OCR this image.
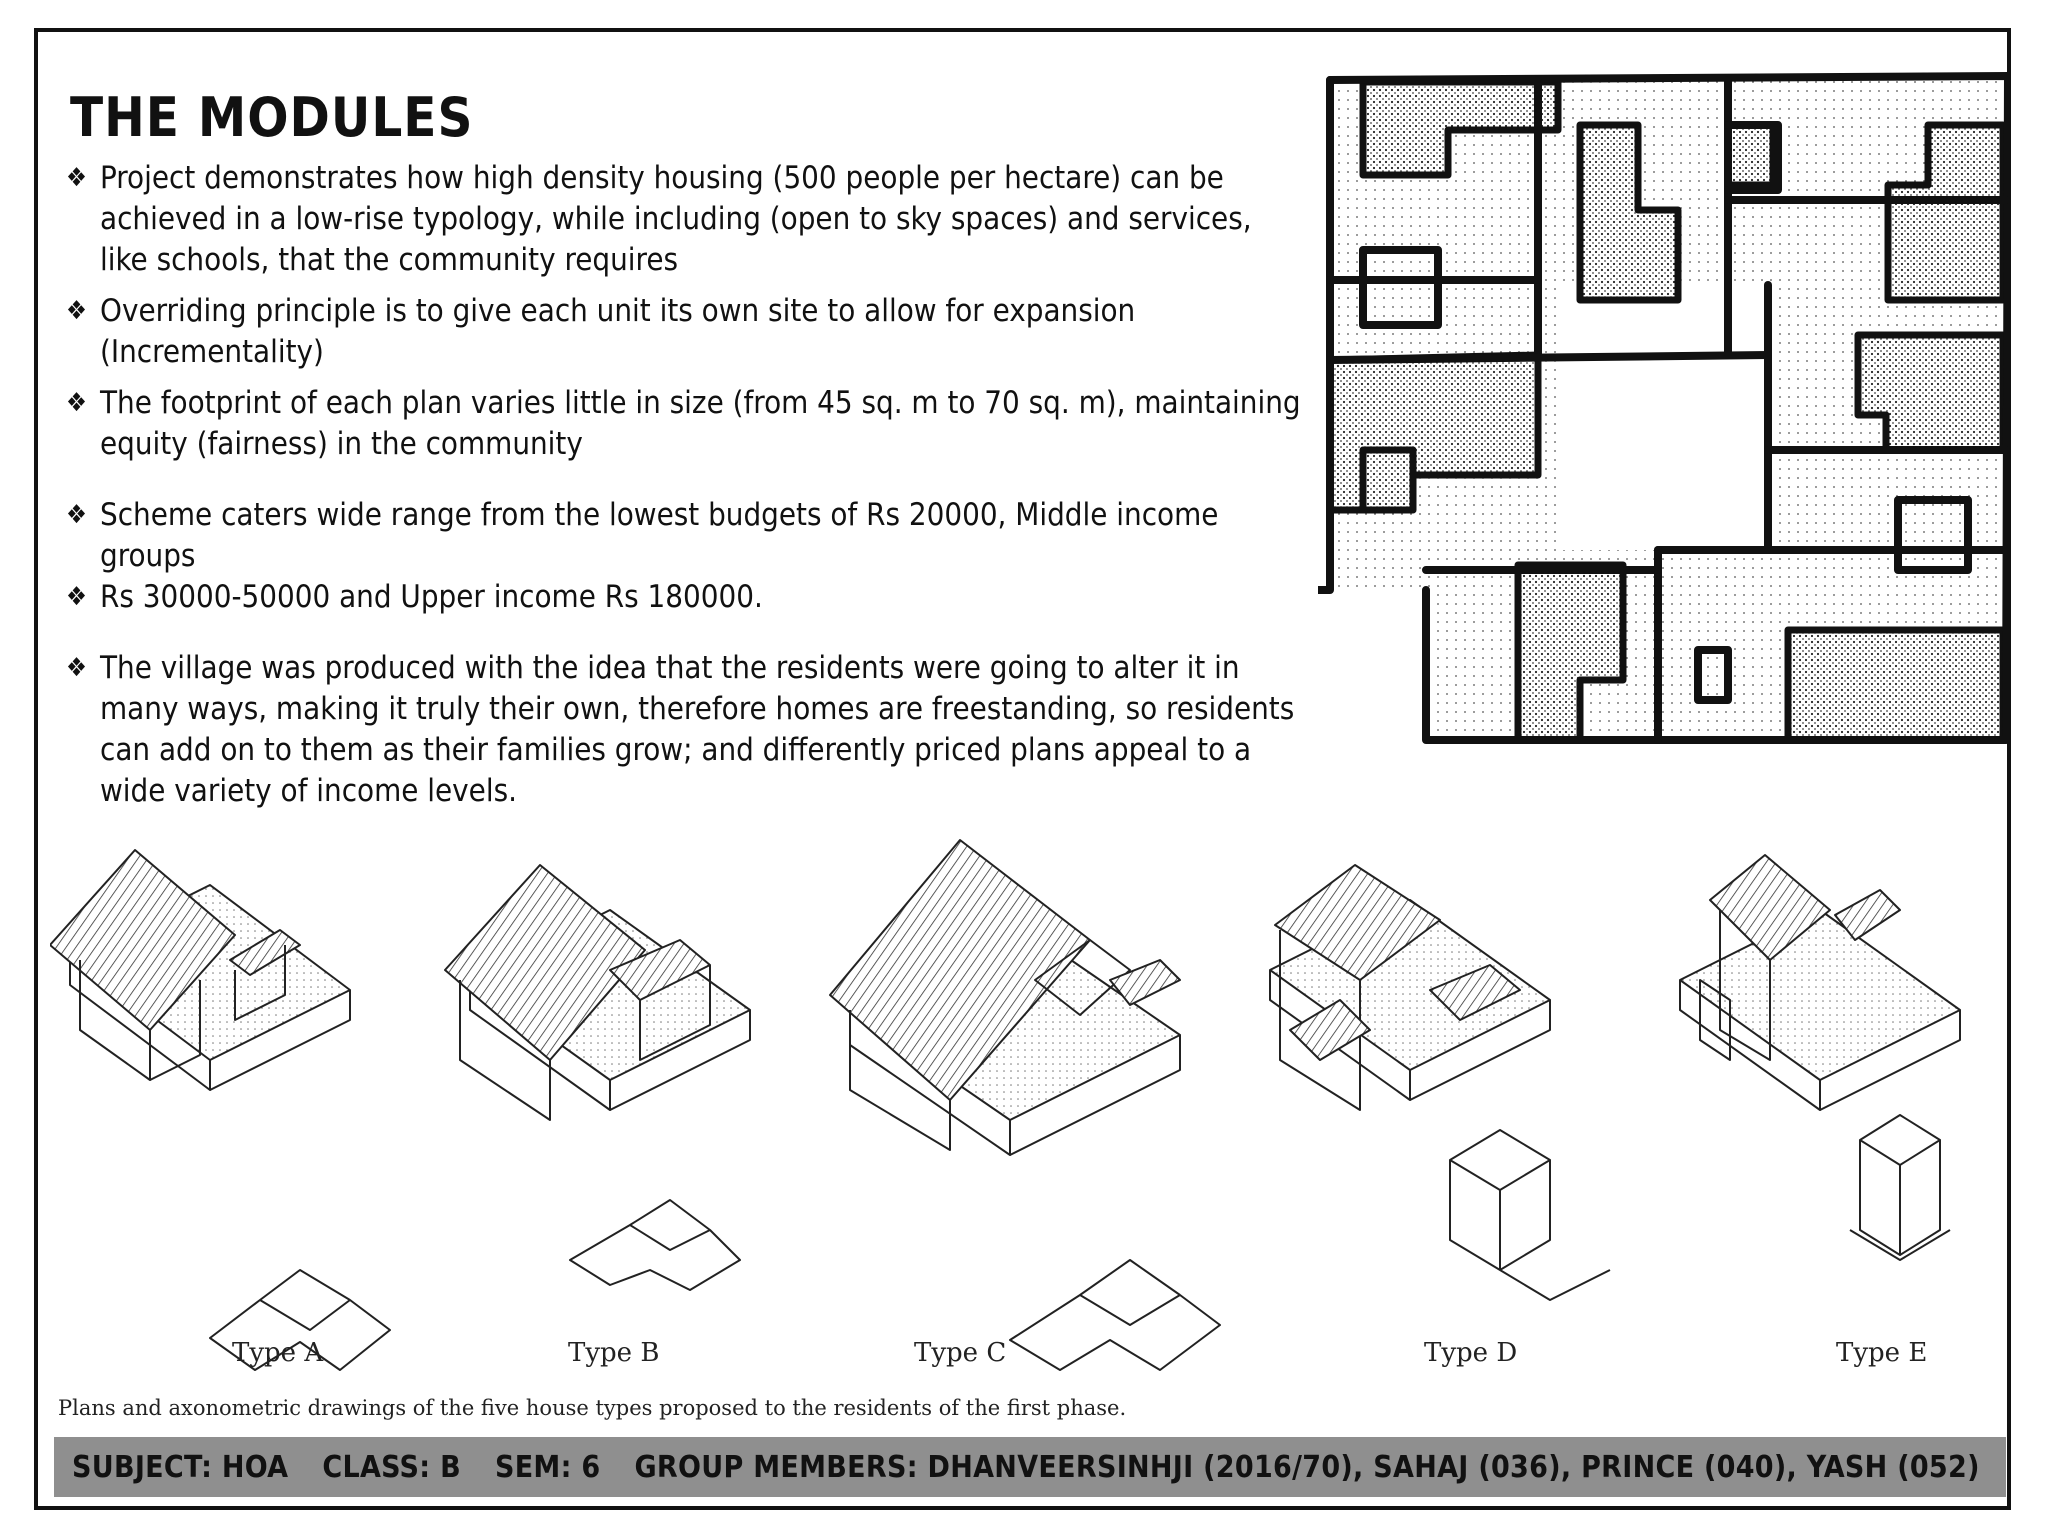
THE MODULES
❖ Project demonstrates how high density housing (500 people per hectare) can be achieved in a low-rise typology, while including (open to sky spaces) and services, like schools, that the community requires
❖ Overriding principle is to give each unit its own site to allow for expansion (Incrementality)
❖ The footprint of each plan varies little in size (from 45 sq. m to 70 sq. m), maintaining equity (fairness) in the community
❖ Scheme caters wide range from the lowest budgets of Rs 20000, Middle income groups
❖ Rs 30000-50000 and Upper income Rs 180000.
❖ The village was produced with the idea that the residents were going to alter it in many ways, making it truly their own, therefore homes are freestanding, so residents can add on to them as their families grow; and differently priced plans appeal to a wide variety of income levels.
Type A	Type B	Type C	Type D	Type E
Plans and axonometric drawings of the five house types proposed to the residents of the first phase.
SUBJECT: HOA CLASS: B SEM: 6 GROUP MEMBERS: DHANVEERSINHJI (2016/70), SAHAJ (036), PRINCE (040), YASH (052)
